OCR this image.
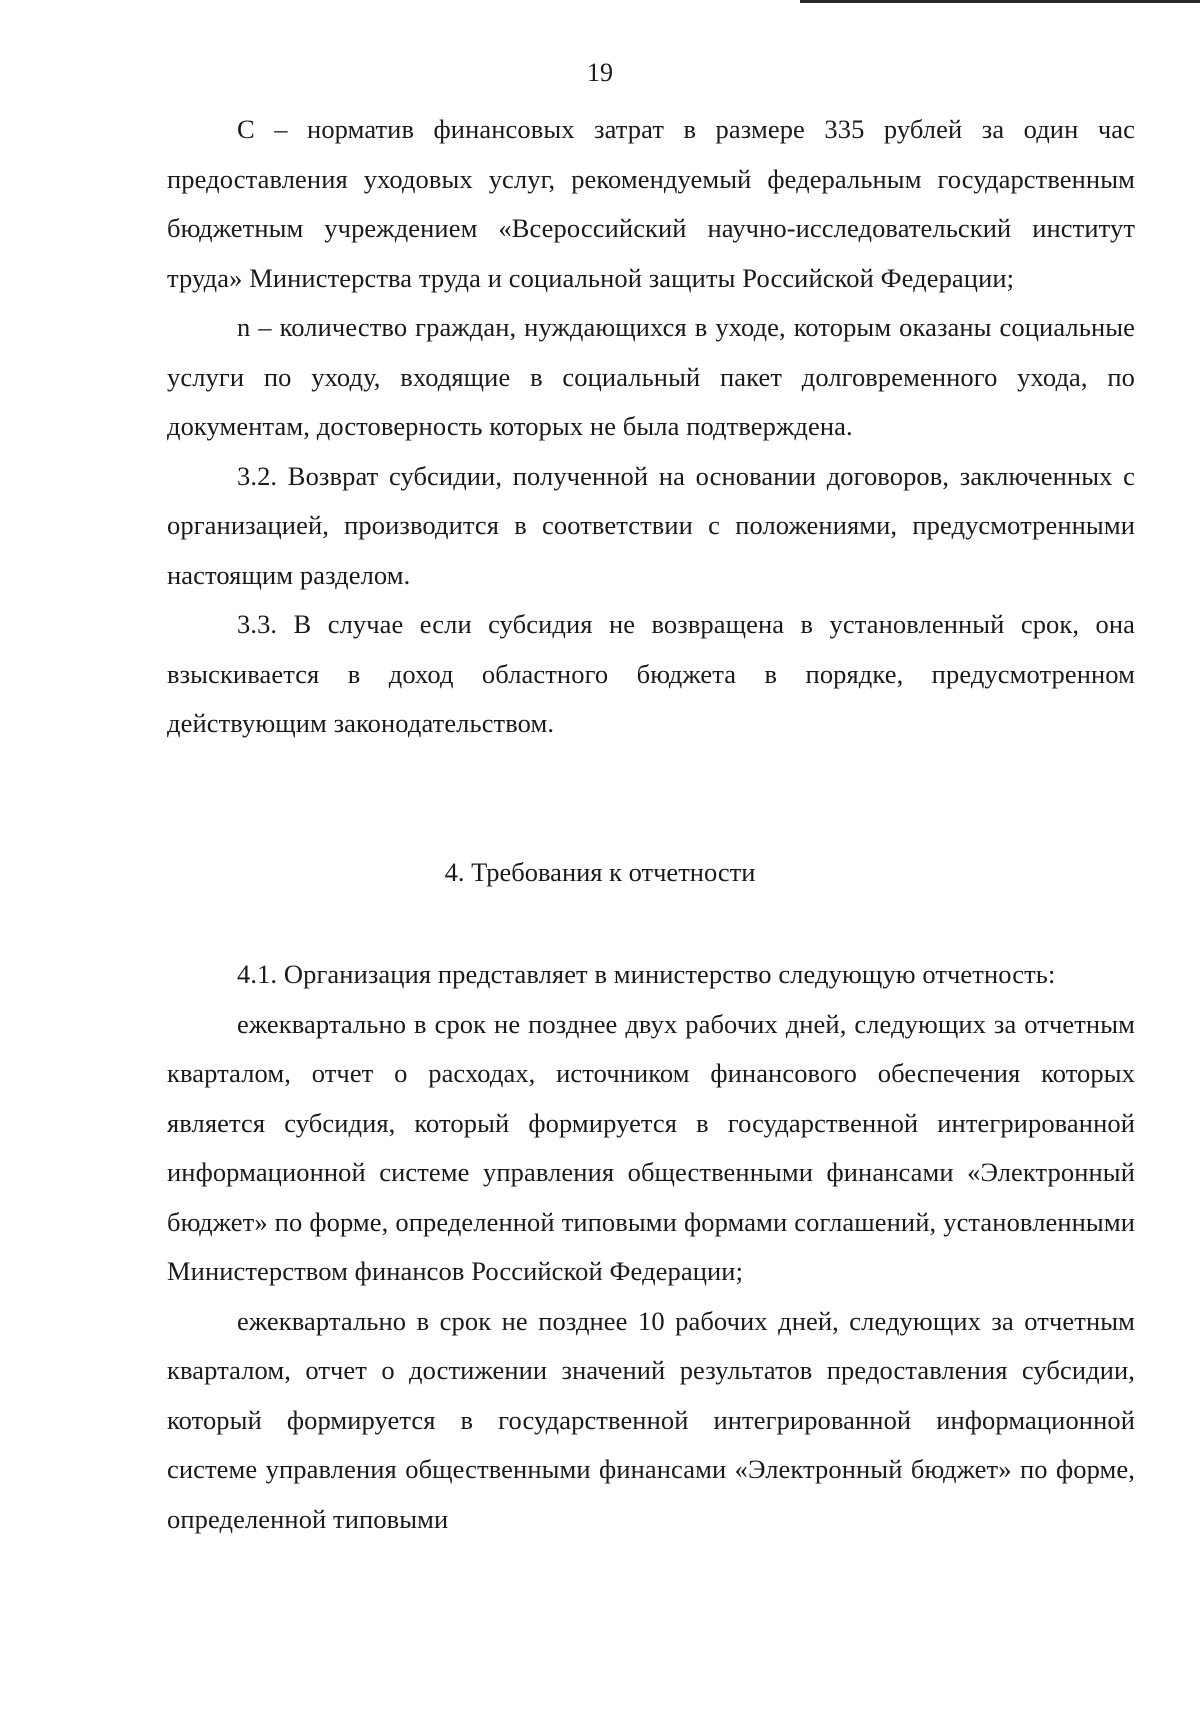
19

С – норматив финансовых затрат в размере 335 рублей за один час предоставления уходовых услуг, рекомендуемый федеральным государственным бюджетным учреждением «Всероссийский научно-исследовательский институт труда» Министерства труда и социальной защиты Российской Федерации;

n – количество граждан, нуждающихся в уходе, которым оказаны социальные услуги по уходу, входящие в социальный пакет долговременного ухода, по документам, достоверность которых не была подтверждена.

3.2. Возврат субсидии, полученной на основании договоров, заключенных с организацией, производится в соответствии с положениями, предусмотренными настоящим разделом.

3.3. В случае если субсидия не возвращена в установленный срок, она взыскивается в доход областного бюджета в порядке, предусмотренном действующим законодательством.

4. Требования к отчетности

4.1. Организация представляет в министерство следующую отчетность:

ежеквартально в срок не позднее двух рабочих дней, следующих за отчетным кварталом, отчет о расходах, источником финансового обеспечения которых является субсидия, который формируется в государственной интегрированной информационной системе управления общественными финансами «Электронный бюджет» по форме, определенной типовыми формами соглашений, установленными Министерством финансов Российской Федерации;

ежеквартально в срок не позднее 10 рабочих дней, следующих за отчетным кварталом, отчет о достижении значений результатов предоставления субсидии, который формируется в государственной интегрированной информационной системе управления общественными финансами «Электронный бюджет» по форме, определенной типовыми
